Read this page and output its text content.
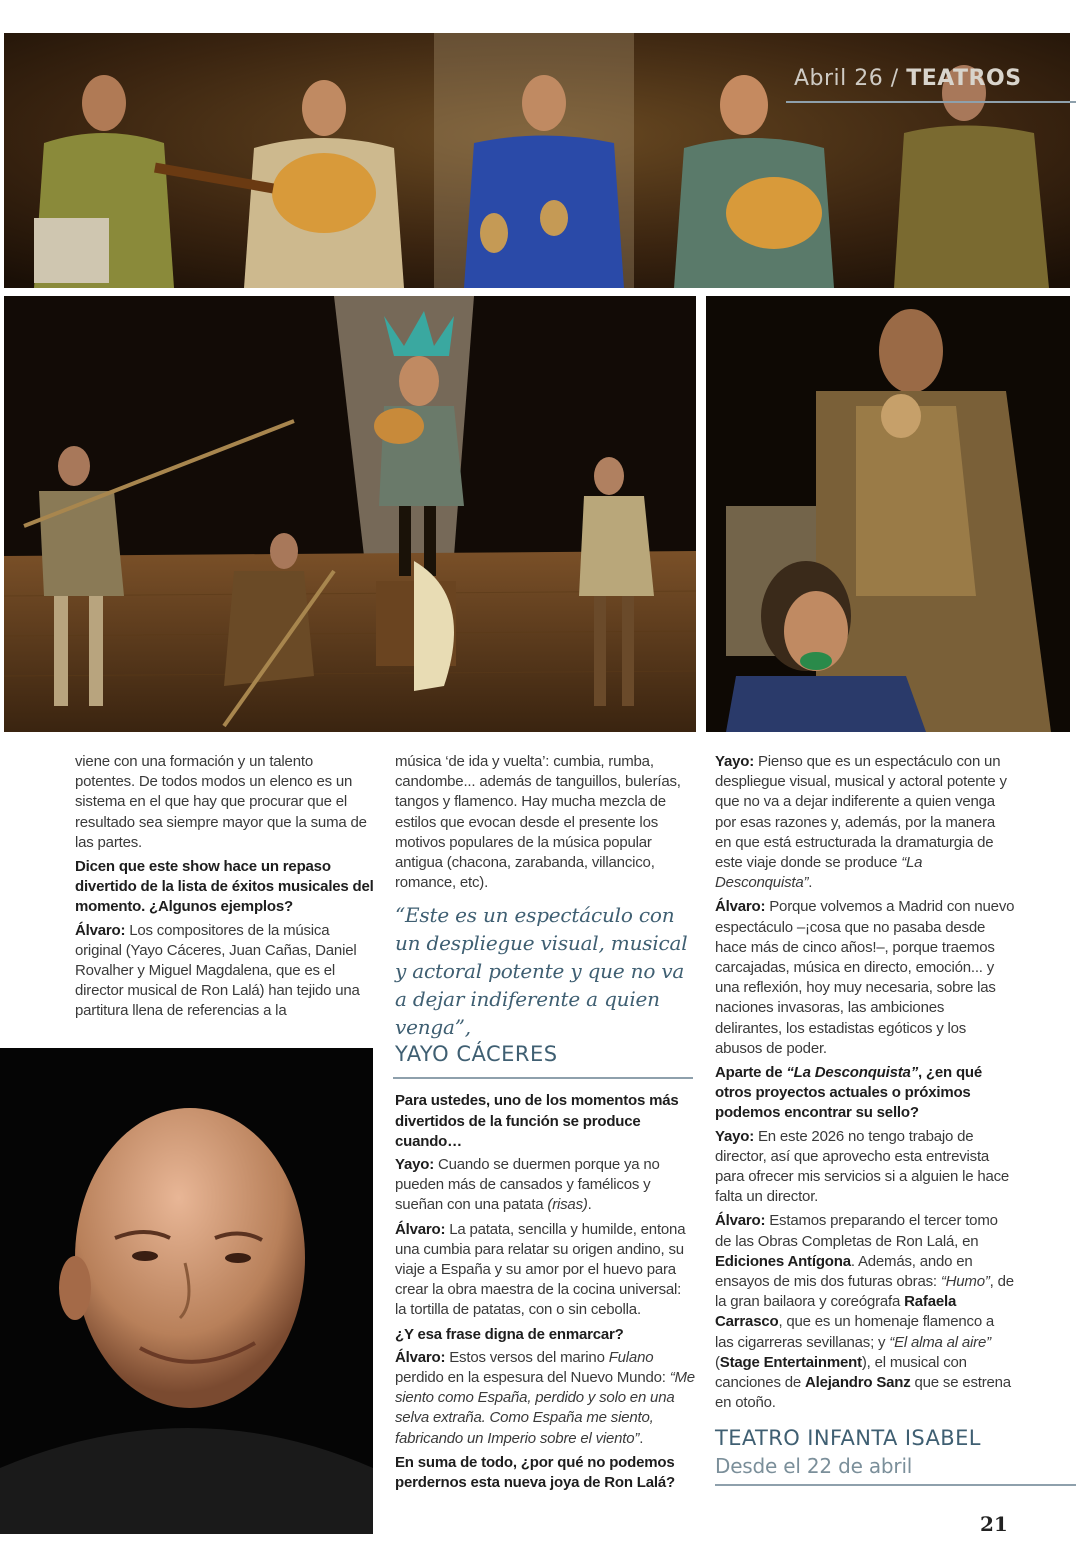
Abril 26 / TEATROS

viene con una formación y un talento potentes. De todos modos un elenco es un sistema en el que hay que procurar que el resultado sea siempre mayor que la suma de las partes.

Dicen que este show hace un repaso divertido de la lista de éxitos musicales del momento. ¿Algunos ejemplos?

Álvaro: Los compositores de la música original (Yayo Cáceres, Juan Cañas, Daniel Rovalher y Miguel Magdalena, que es el director musical de Ron Lalá) han tejido una partitura llena de referencias a la

música ‘de ida y vuelta’: cumbia, rumba, candombe... además de tanguillos, bulerías, tangos y flamenco. Hay mucha mezcla de estilos que evocan desde el presente los motivos populares de la música popular antigua (chacona, zarabanda, villancico, romance, etc).

“Este es un espectáculo con un despliegue visual, musical y actoral potente y que no va a dejar indiferente a quien venga”,
YAYO CÁCERES

Para ustedes, uno de los momentos más divertidos de la función se produce cuando…

Yayo: Cuando se duermen porque ya no pueden más de cansados y famélicos y sueñan con una patata (risas).

Álvaro: La patata, sencilla y humilde, entona una cumbia para relatar su origen andino, su viaje a España y su amor por el huevo para crear la obra maestra de la cocina universal: la tortilla de patatas, con o sin cebolla.

¿Y esa frase digna de enmarcar?

Álvaro: Estos versos del marino Fulano perdido en la espesura del Nuevo Mundo: “Me siento como España, perdido y solo en una selva extraña. Como España me siento, fabricando un Imperio sobre el viento”.

En suma de todo, ¿por qué no podemos perdernos esta nueva joya de Ron Lalá?

Yayo: Pienso que es un espectáculo con un despliegue visual, musical y actoral potente y que no va a dejar indiferente a quien venga por esas razones y, además, por la manera en que está estructurada la dramaturgia de este viaje donde se produce “La Desconquista”.

Álvaro: Porque volvemos a Madrid con nuevo espectáculo –¡cosa que no pasaba desde hace más de cinco años!–, porque traemos carcajadas, música en directo, emoción... y una reflexión, hoy muy necesaria, sobre las naciones invasoras, las ambiciones delirantes, los estadistas egóticos y los abusos de poder.

Aparte de “La Desconquista”, ¿en qué otros proyectos actuales o próximos podemos encontrar su sello?

Yayo: En este 2026 no tengo trabajo de director, así que aprovecho esta entrevista para ofrecer mis servicios si a alguien le hace falta un director.

Álvaro: Estamos preparando el tercer tomo de las Obras Completas de Ron Lalá, en Ediciones Antígona. Además, ando en ensayos de mis dos futuras obras: “Humo”, de la gran bailaora y coreógrafa Rafaela Carrasco, que es un homenaje flamenco a las cigarreras sevillanas; y “El alma al aire” (Stage Entertainment), el musical con canciones de Alejandro Sanz que se estrena en otoño.

TEATRO INFANTA ISABEL
Desde el 22 de abril
21
